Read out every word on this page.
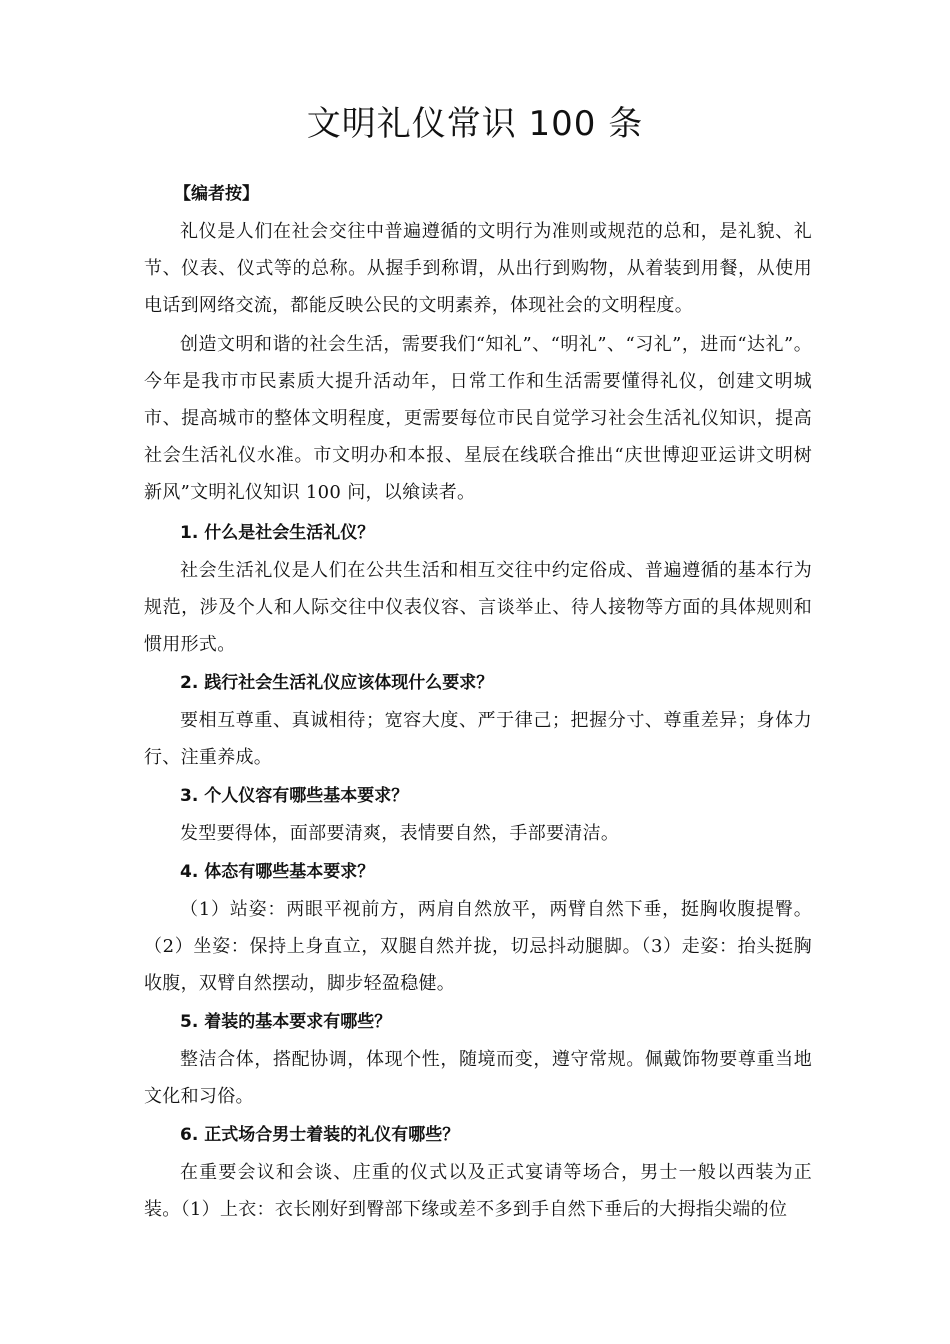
文明礼仪常识 100 条

【编者按】

礼仪是人们在社会交往中普遍遵循的文明行为准则或规范的总和，是礼貌、礼节、仪表、仪式等的总称。从握手到称谓，从出行到购物，从着装到用餐，从使用电话到网络交流，都能反映公民的文明素养，体现社会的文明程度。

创造文明和谐的社会生活，需要我们“知礼”、“明礼”、“习礼”，进而“达礼”。今年是我市市民素质大提升活动年，日常工作和生活需要懂得礼仪，创建文明城市、提高城市的整体文明程度，更需要每位市民自觉学习社会生活礼仪知识，提高社会生活礼仪水准。市文明办和本报、星辰在线联合推出“庆世博迎亚运讲文明树新风”文明礼仪知识 100 问，以飨读者。

1. 什么是社会生活礼仪？

社会生活礼仪是人们在公共生活和相互交往中约定俗成、普遍遵循的基本行为规范，涉及个人和人际交往中仪表仪容、言谈举止、待人接物等方面的具体规则和惯用形式。

2. 践行社会生活礼仪应该体现什么要求？

要相互尊重、真诚相待；宽容大度、严于律己；把握分寸、尊重差异；身体力行、注重养成。

3. 个人仪容有哪些基本要求？

发型要得体，面部要清爽，表情要自然，手部要清洁。

4. 体态有哪些基本要求？

（1）站姿：两眼平视前方，两肩自然放平，两臂自然下垂，挺胸收腹提臀。（2）坐姿：保持上身直立，双腿自然并拢，切忌抖动腿脚。（3）走姿：抬头挺胸收腹，双臂自然摆动，脚步轻盈稳健。

5. 着装的基本要求有哪些？

整洁合体，搭配协调，体现个性，随境而变，遵守常规。佩戴饰物要尊重当地文化和习俗。

6. 正式场合男士着装的礼仪有哪些？

在重要会议和会谈、庄重的仪式以及正式宴请等场合，男士一般以西装为正装。（1）上衣：衣长刚好到臀部下缘或差不多到手自然下垂后的大拇指尖端的位
